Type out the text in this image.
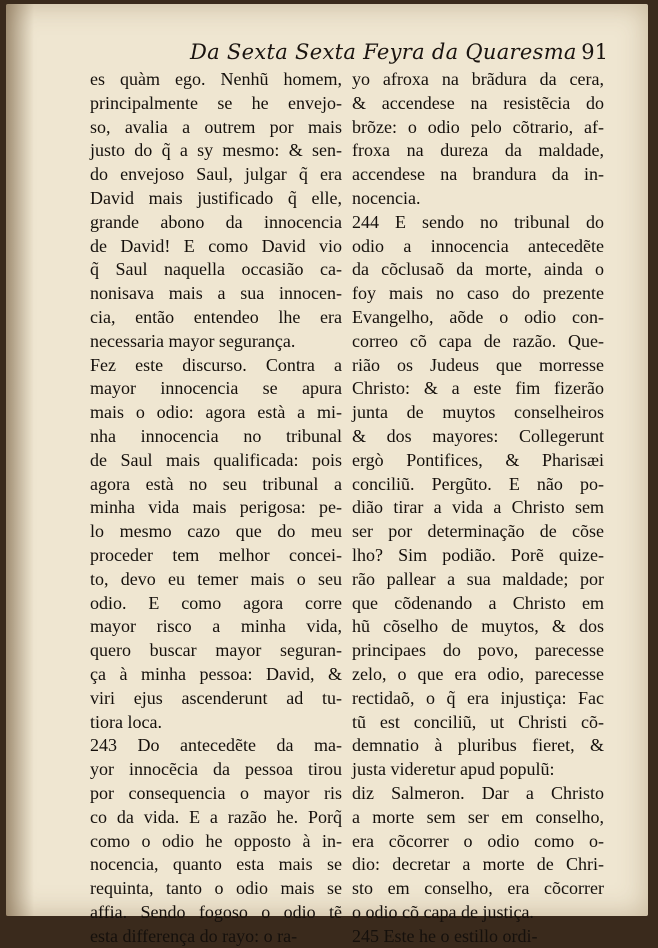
Da Sexta Sexta Feyra da Quaresma 91
es quàm ego. Nenhũ homem,
principalmente se he envejo-
so, avalia a outrem por mais
justo do q̃ a sy mesmo: & sen-
do envejoso Saul, julgar q̃ era
David mais justificado q̃ elle,
grande abono da innocencia
de David! E como David vio
q̃ Saul naquella occasião ca-
nonisava mais a sua innocen-
cia, então entendeo lhe era
necessaria mayor segurança.
Fez este discurso. Contra a
mayor innocencia se apura
mais o odio: agora està a mi-
nha innocencia no tribunal
de Saul mais qualificada: pois
agora està no seu tribunal a
minha vida mais perigosa: pe-
lo mesmo cazo que do meu
proceder tem melhor concei-
to, devo eu temer mais o seu
odio. E como agora corre
mayor risco a minha vida,
quero buscar mayor seguran-
ça à minha pessoa: David, &
viri ejus ascenderunt ad tu-
tiora loca.
243 Do antecedẽte da ma-
yor innocẽcia da pessoa tirou
por consequencia o mayor ris
co da vida. E a razão he. Porq̃
como o odio he opposto à in-
nocencia, quanto esta mais se
requinta, tanto o odio mais se
affia. Sendo fogoso o odio tẽ
esta differença do rayo: o ra-
yo afroxa na brãdura da cera,
& accendese na resistẽcia do
brõze: o odio pelo cõtrario, af-
froxa na dureza da maldade,
accendese na brandura da in-
nocencia.
244 E sendo no tribunal do
odio a innocencia antecedẽte
da cõclusaõ da morte, ainda o
foy mais no caso do prezente
Evangelho, aõde o odio con-
correo cõ capa de razão. Que-
rião os Judeus que morresse
Christo: & a este fim fizerão
junta de muytos conselheiros
& dos mayores: Collegerunt
ergò Pontifices, & Pharisæi
conciliũ. Pergũto. E não po-
dião tirar a vida a Christo sem
ser por determinação de cõse
lho? Sim podião. Porẽ quize-
rão pallear a sua maldade; por
que cõdenando a Christo em
hũ cõselho de muytos, & dos
principaes do povo, parecesse
zelo, o que era odio, parecesse
rectidaõ, o q̃ era injustiça: Fac
tũ est conciliũ, ut Christi cõ-
demnatio à pluribus fieret, &
justa videretur apud populũ:
diz Salmeron. Dar a Christo
a morte sem ser em conselho,
era cõcorrer o odio como o-
dio: decretar a morte de Chri-
sto em conselho, era cõcorrer
o odio cõ capa de justiça.
245 Este he o estillo ordi-
